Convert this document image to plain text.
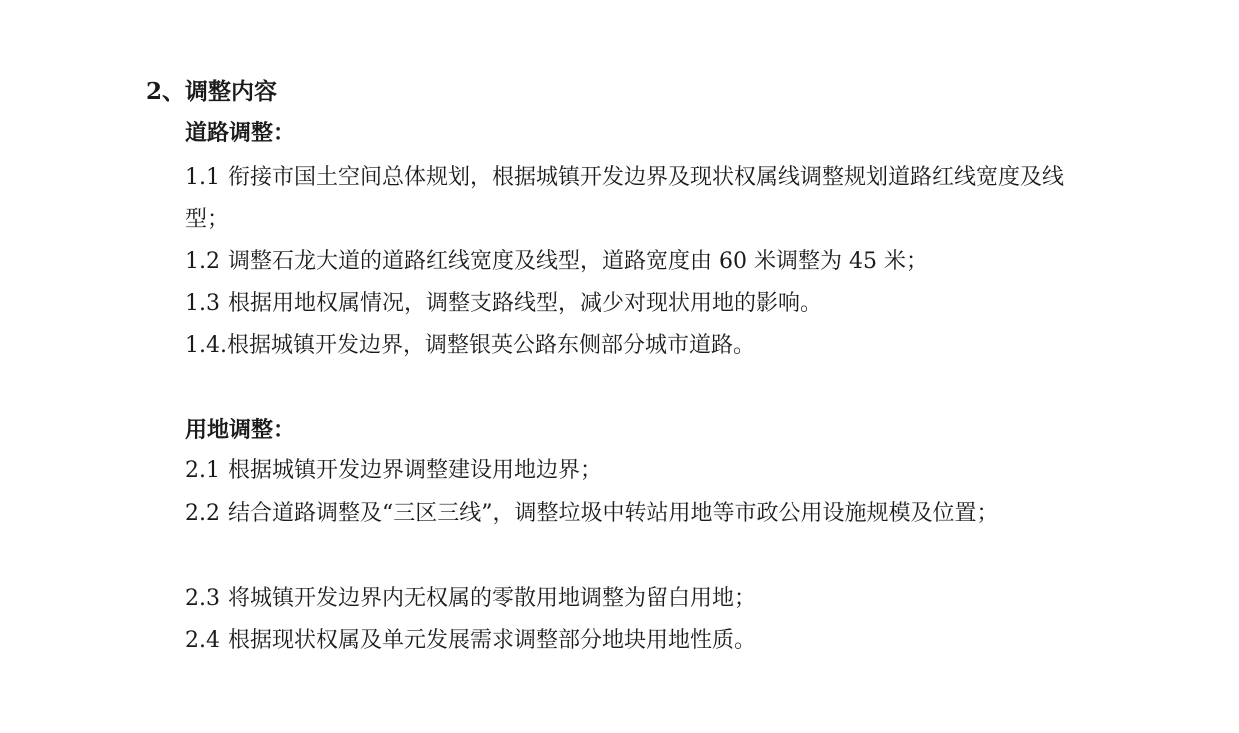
2、调整内容
道路调整：
1.1 衔接市国土空间总体规划，根据城镇开发边界及现状权属线调整规划道路红线宽度及线型；
1.2 调整石龙大道的道路红线宽度及线型，道路宽度由 60 米调整为 45 米；
1.3 根据用地权属情况，调整支路线型，减少对现状用地的影响。
1.4.根据城镇开发边界，调整银英公路东侧部分城市道路。
用地调整：
2.1 根据城镇开发边界调整建设用地边界；
2.2 结合道路调整及“三区三线”，调整垃圾中转站用地等市政公用设施规模及位置；
2.3 将城镇开发边界内无权属的零散用地调整为留白用地；
2.4 根据现状权属及单元发展需求调整部分地块用地性质。
